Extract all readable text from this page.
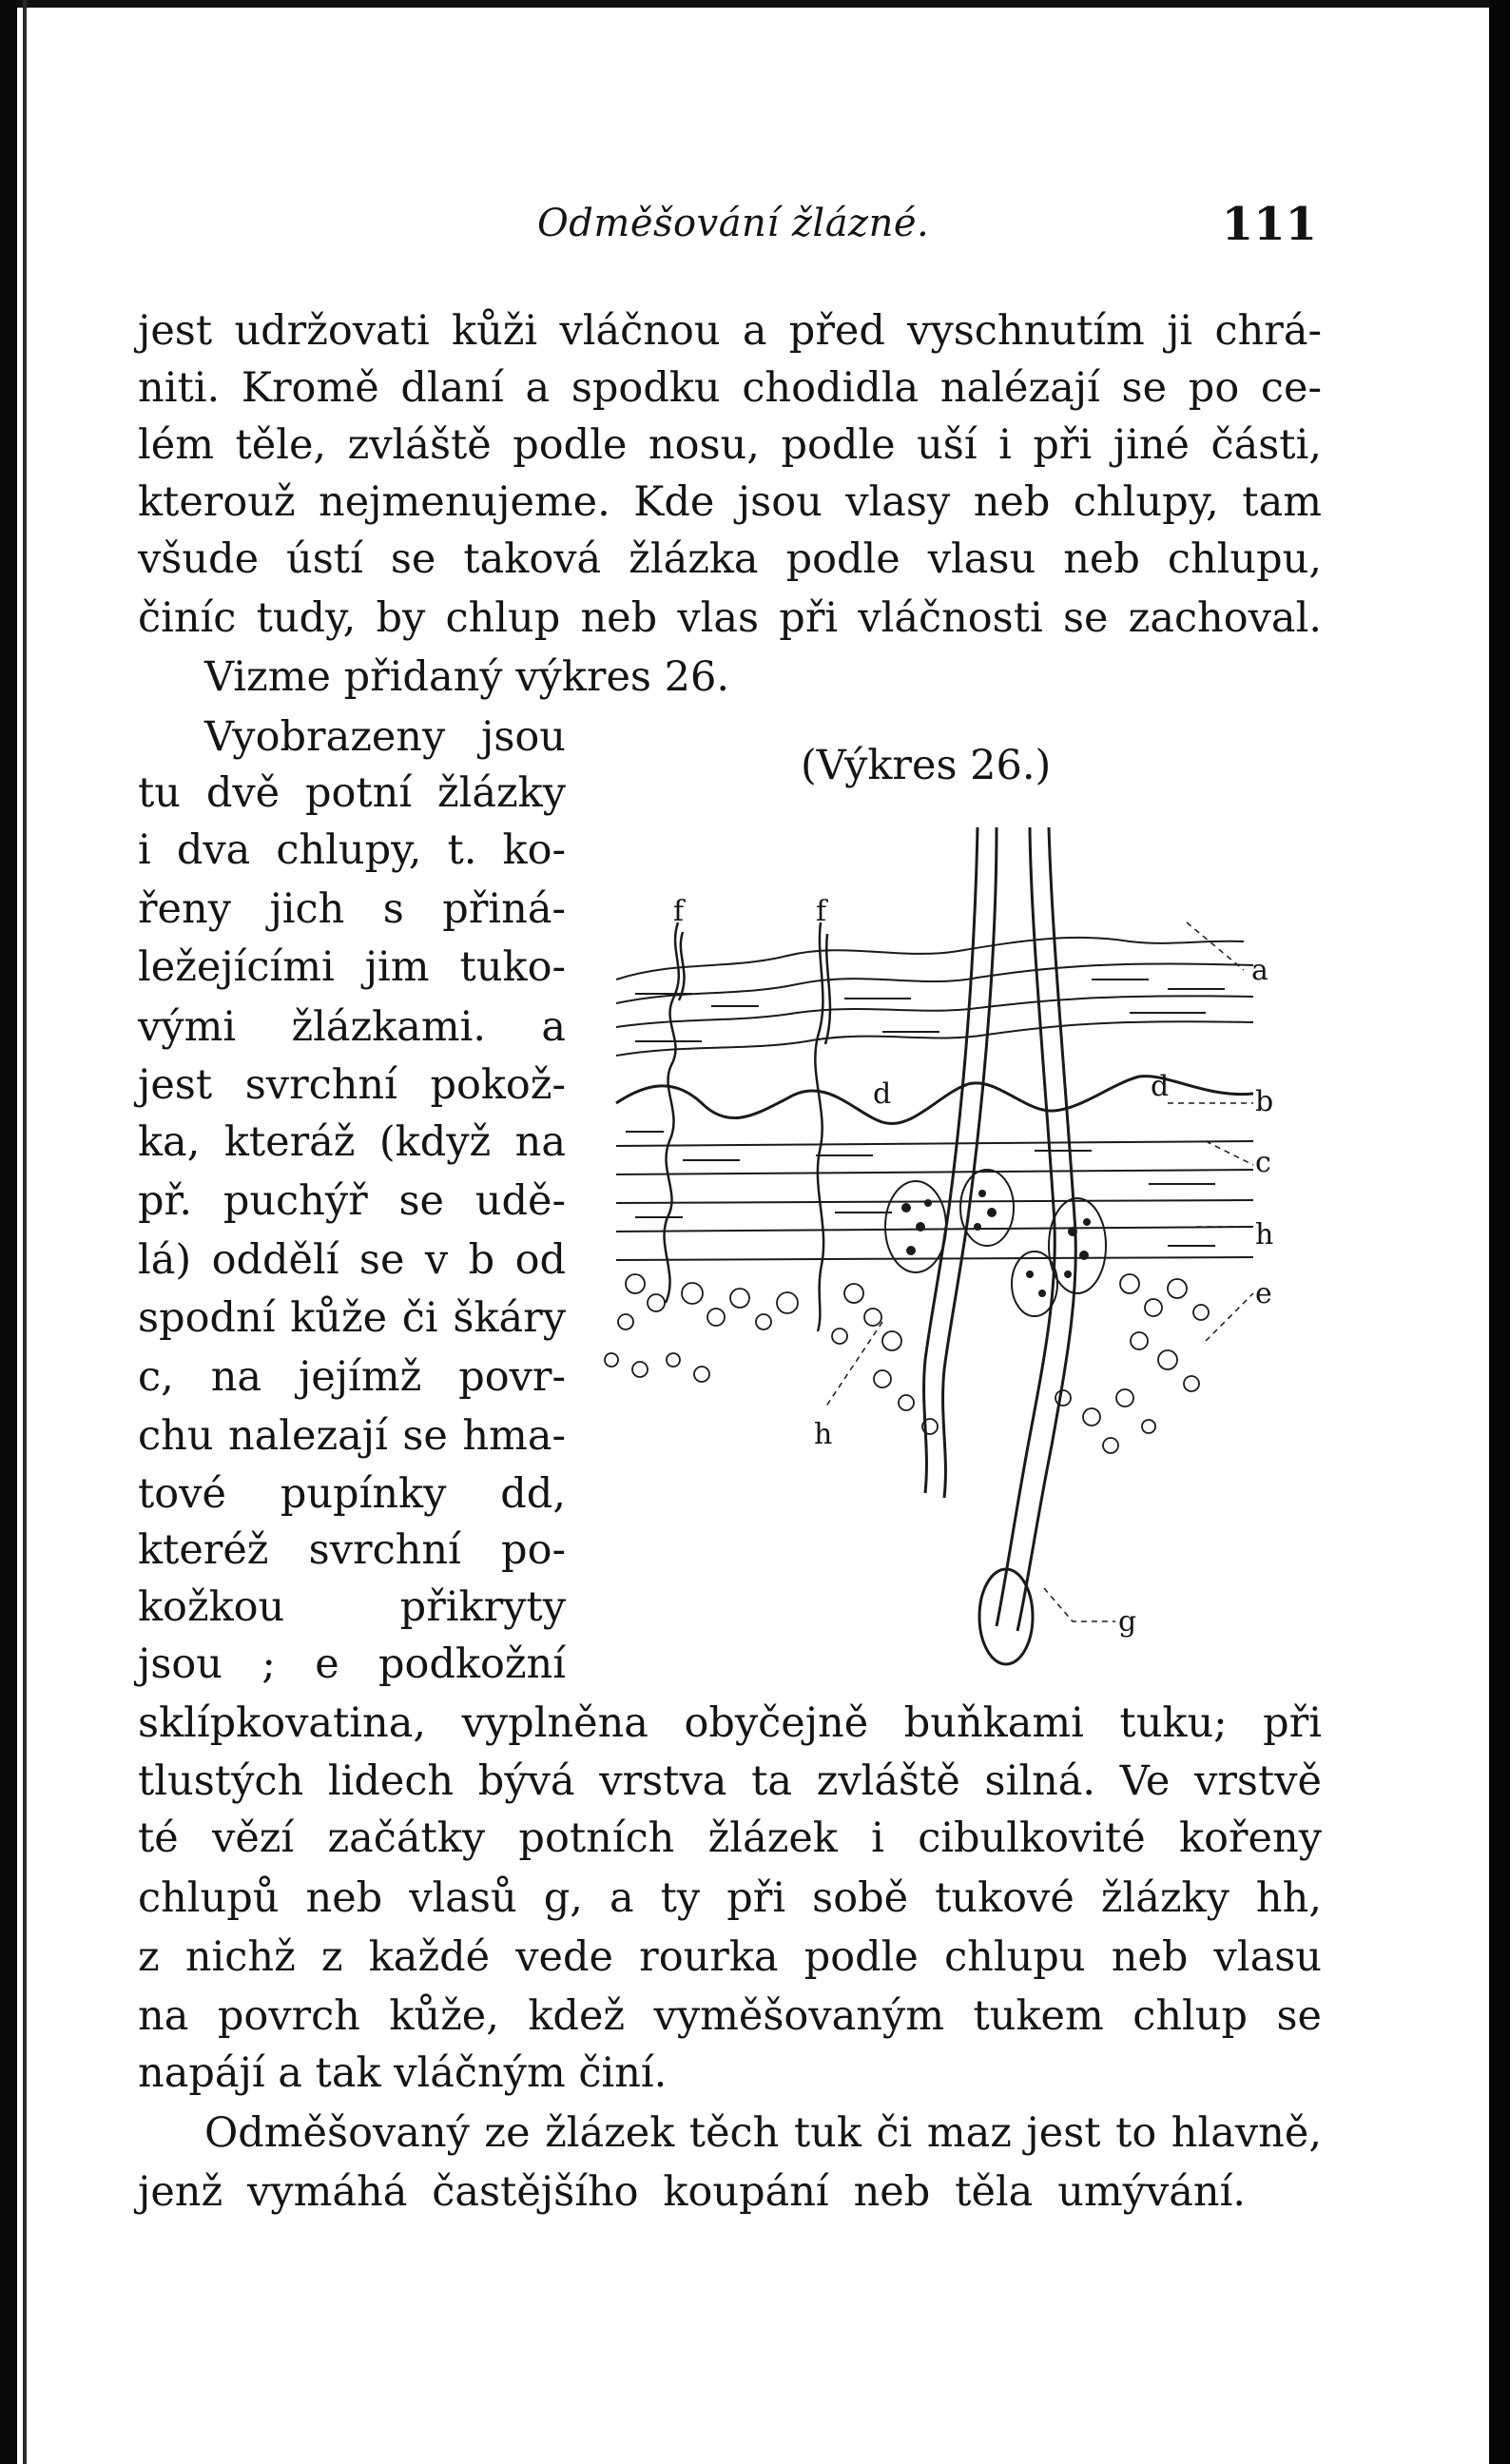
Odměšování žlázné.	111
jest udržovati kůži vláčnou a před vyschnutím ji chrá-
niti. Kromě dlaní a spodku chodidla nalézají se po ce-
lém těle, zvláště podle nosu, podle uší i při jiné části,
kterouž nejmenujeme. Kde jsou vlasy neb chlupy, tam
všude ústí se taková žlázka podle vlasu neb chlupu,
činíc tudy, by chlup neb vlas při vláčnosti se zachoval.
Vizme přidaný výkres 26.
Vyobrazeny jsou
tu dvě potní žlázky
i dva chlupy, t. ko-
řeny jich s přiná-
ležejícími jim tuko-
vými žlázkami. a
jest svrchní pokož-
ka, kteráž (když na
př. puchýř se udě-
lá) oddělí se v b od
spodní kůže či škáry
c, na jejímž povr-
chu nalezají se hma-
tové pupínky dd,
kteréž svrchní po-
kožkou přikryty
jsou ; e podkožní
(Výkres 26.)
f	f
a
b
c
d	d
h
h
e
g
sklípkovatina, vyplněna obyčejně buňkami tuku; při
tlustých lidech bývá vrstva ta zvláště silná. Ve vrstvě
té vězí začátky potních žlázek i cibulkovité kořeny
chlupů neb vlasů g, a ty při sobě tukové žlázky hh,
z nichž z každé vede rourka podle chlupu neb vlasu
na povrch kůže, kdež vyměšovaným tukem chlup se
napájí a tak vláčným činí.
Odměšovaný ze žlázek těch tuk či maz jest to hlavně,
jenž vymáhá častějšího koupání neb těla umývání.
